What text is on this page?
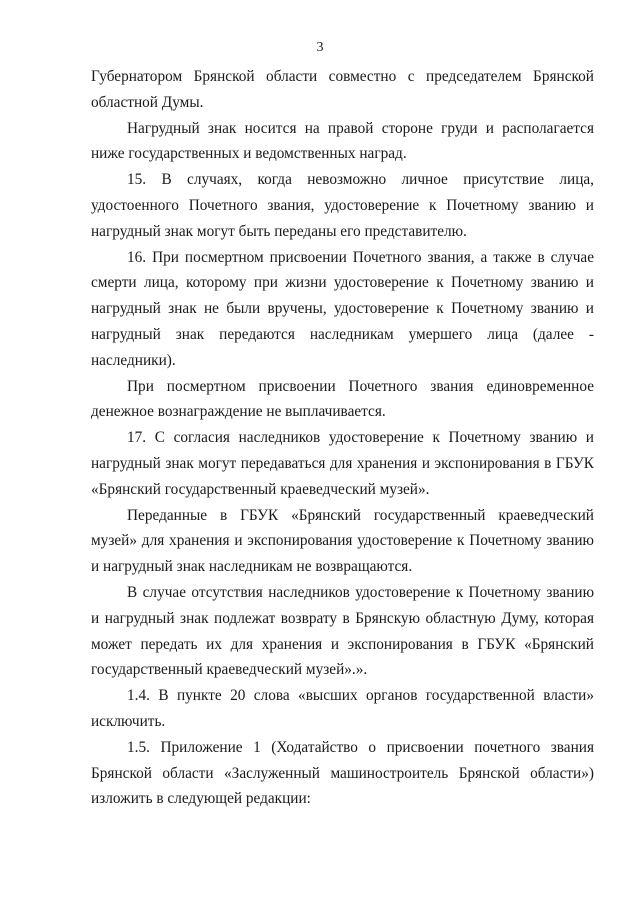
3

Губернатором Брянской области совместно с председателем Брянской областной Думы.

Нагрудный знак носится на правой стороне груди и располагается ниже государственных и ведомственных наград.

15. В случаях, когда невозможно личное присутствие лица, удостоенного Почетного звания, удостоверение к Почетному званию и нагрудный знак могут быть переданы его представителю.

16. При посмертном присвоении Почетного звания, а также в случае смерти лица, которому при жизни удостоверение к Почетному званию и нагрудный знак не были вручены, удостоверение к Почетному званию и нагрудный знак передаются наследникам умершего лица (далее - наследники).

При посмертном присвоении Почетного звания единовременное денежное вознаграждение не выплачивается.

17. С согласия наследников удостоверение к Почетному званию и нагрудный знак могут передаваться для хранения и экспонирования в ГБУК «Брянский государственный краеведческий музей».

Переданные в ГБУК «Брянский государственный краеведческий музей» для хранения и экспонирования удостоверение к Почетному званию и нагрудный знак наследникам не возвращаются.

В случае отсутствия наследников удостоверение к Почетному званию и нагрудный знак подлежат возврату в Брянскую областную Думу, которая может передать их для хранения и экспонирования в ГБУК «Брянский государственный краеведческий музей».».

1.4. В пункте 20 слова «высших органов государственной власти» исключить.

1.5. Приложение 1 (Ходатайство о присвоении почетного звания Брянской области «Заслуженный машиностроитель Брянской области») изложить в следующей редакции:
